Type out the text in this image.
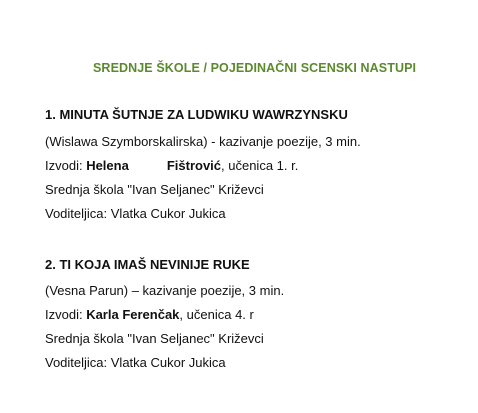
SREDNJE ŠKOLE / POJEDINAČNI SCENSKI NASTUPI
1. MINUTA ŠUTNJE ZA LUDWIKU WAWRZYNSKU
(Wislawa Szymborskalirska) - kazivanje poezije, 3 min.
Izvodi: Helena	Fištrović, učenica 1. r.
Srednja škola "Ivan Seljanec" Križevci
Voditeljica: Vlatka Cukor Jukica
2. TI KOJA IMAŠ NEVINIJE RUKE
(Vesna Parun) – kazivanje poezije, 3 min.
Izvodi: Karla Ferenčak, učenica 4. r
Srednja škola "Ivan Seljanec" Križevci
Voditeljica: Vlatka Cukor Jukica
